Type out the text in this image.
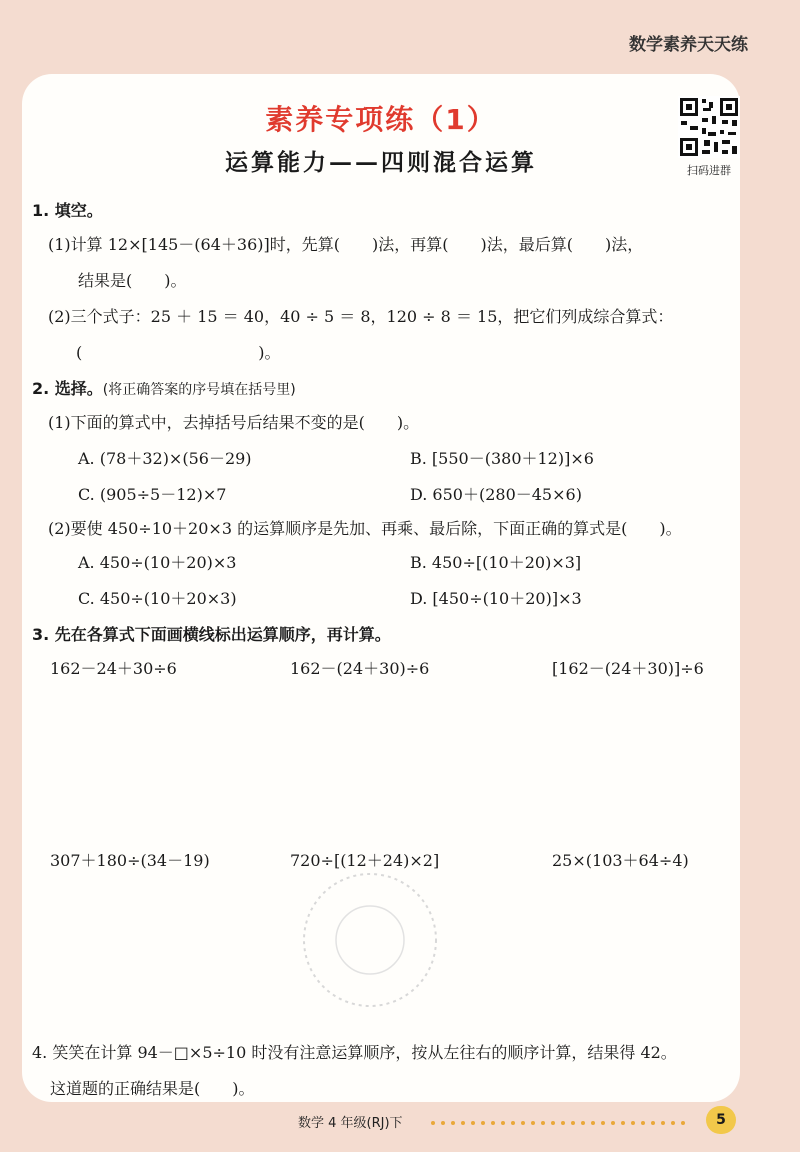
数学素养天天练
素养专项练（1）
运算能力——四则混合运算	扫码进群
1. 填空。
(1)计算 12×[145－(64＋36)]时，先算(　　)法，再算(　　)法，最后算(　　)法，
结果是(　　)。
(2)三个式子：25 ＋ 15 ＝ 40，40 ÷ 5 ＝ 8，120 ÷ 8 ＝ 15，把它们列成综合算式：
(　　　　　　　　　　　)。
2. 选择。(将正确答案的序号填在括号里)
(1)下面的算式中，去掉括号后结果不变的是(　　)。
A. (78＋32)×(56－29)	B. [550－(380＋12)]×6
C. (905÷5－12)×7	D. 650＋(280－45×6)
(2)要使 450÷10＋20×3 的运算顺序是先加、再乘、最后除，下面正确的算式是(　　)。
A. 450÷(10＋20)×3	B. 450÷[(10＋20)×3]
C. 450÷(10＋20×3)	D. [450÷(10＋20)]×3
3. 先在各算式下面画横线标出运算顺序，再计算。
162－24＋30÷6	162－(24＋30)÷6	[162－(24＋30)]÷6
307＋180÷(34－19)	720÷[(12＋24)×2]	25×(103＋64÷4)
4. 笑笑在计算 94－□×5÷10 时没有注意运算顺序，按从左往右的顺序计算，结果得 42。
这道题的正确结果是(　　)。
数学 4 年级(RJ)下	5
